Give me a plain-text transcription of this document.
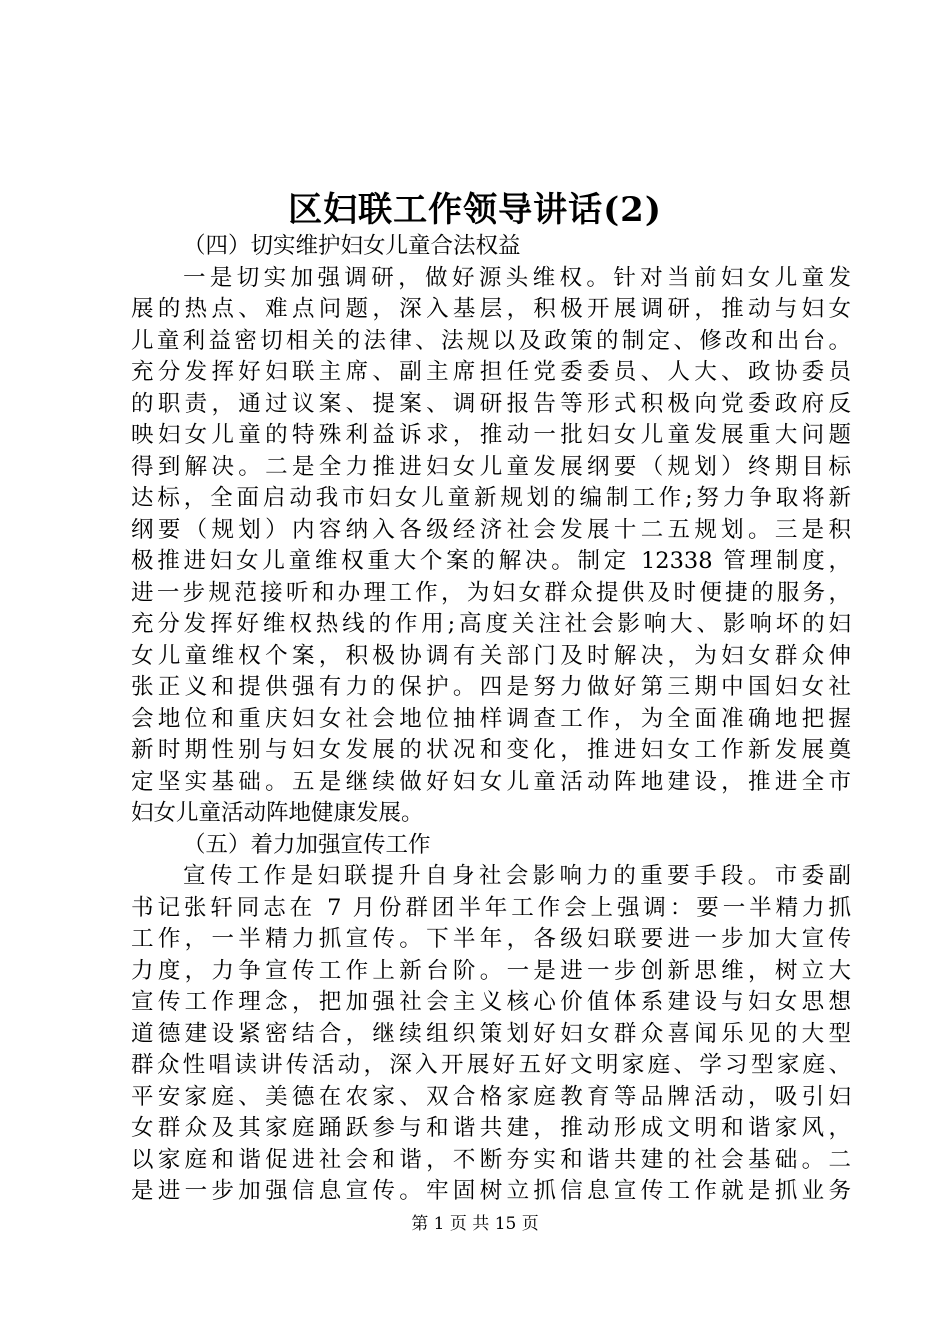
区妇联工作领导讲话(2)
（四）切实维护妇女儿童合法权益
一是切实加强调研，做好源头维权。针对当前妇女儿童发
展的热点、难点问题，深入基层，积极开展调研，推动与妇女
儿童利益密切相关的法律、法规以及政策的制定、修改和出台。
充分发挥好妇联主席、副主席担任党委委员、人大、政协委员
的职责，通过议案、提案、调研报告等形式积极向党委政府反
映妇女儿童的特殊利益诉求，推动一批妇女儿童发展重大问题
得到解决。二是全力推进妇女儿童发展纲要（规划）终期目标
达标，全面启动我市妇女儿童新规划的编制工作;努力争取将新
纲要（规划）内容纳入各级经济社会发展十二五规划。三是积
极推进妇女儿童维权重大个案的解决。制定 12338 管理制度，
进一步规范接听和办理工作，为妇女群众提供及时便捷的服务，
充分发挥好维权热线的作用;高度关注社会影响大、影响坏的妇
女儿童维权个案，积极协调有关部门及时解决，为妇女群众伸
张正义和提供强有力的保护。四是努力做好第三期中国妇女社
会地位和重庆妇女社会地位抽样调查工作，为全面准确地把握
新时期性别与妇女发展的状况和变化，推进妇女工作新发展奠
定坚实基础。五是继续做好妇女儿童活动阵地建设，推进全市
妇女儿童活动阵地健康发展。
（五）着力加强宣传工作
宣传工作是妇联提升自身社会影响力的重要手段。市委副
书记张轩同志在 7 月份群团半年工作会上强调：要一半精力抓
工作，一半精力抓宣传。下半年，各级妇联要进一步加大宣传
力度，力争宣传工作上新台阶。一是进一步创新思维，树立大
宣传工作理念，把加强社会主义核心价值体系建设与妇女思想
道德建设紧密结合，继续组织策划好妇女群众喜闻乐见的大型
群众性唱读讲传活动，深入开展好五好文明家庭、学习型家庭、
平安家庭、美德在农家、双合格家庭教育等品牌活动，吸引妇
女群众及其家庭踊跃参与和谐共建，推动形成文明和谐家风，
以家庭和谐促进社会和谐，不断夯实和谐共建的社会基础。二
是进一步加强信息宣传。牢固树立抓信息宣传工作就是抓业务
第 1 页 共 15 页
